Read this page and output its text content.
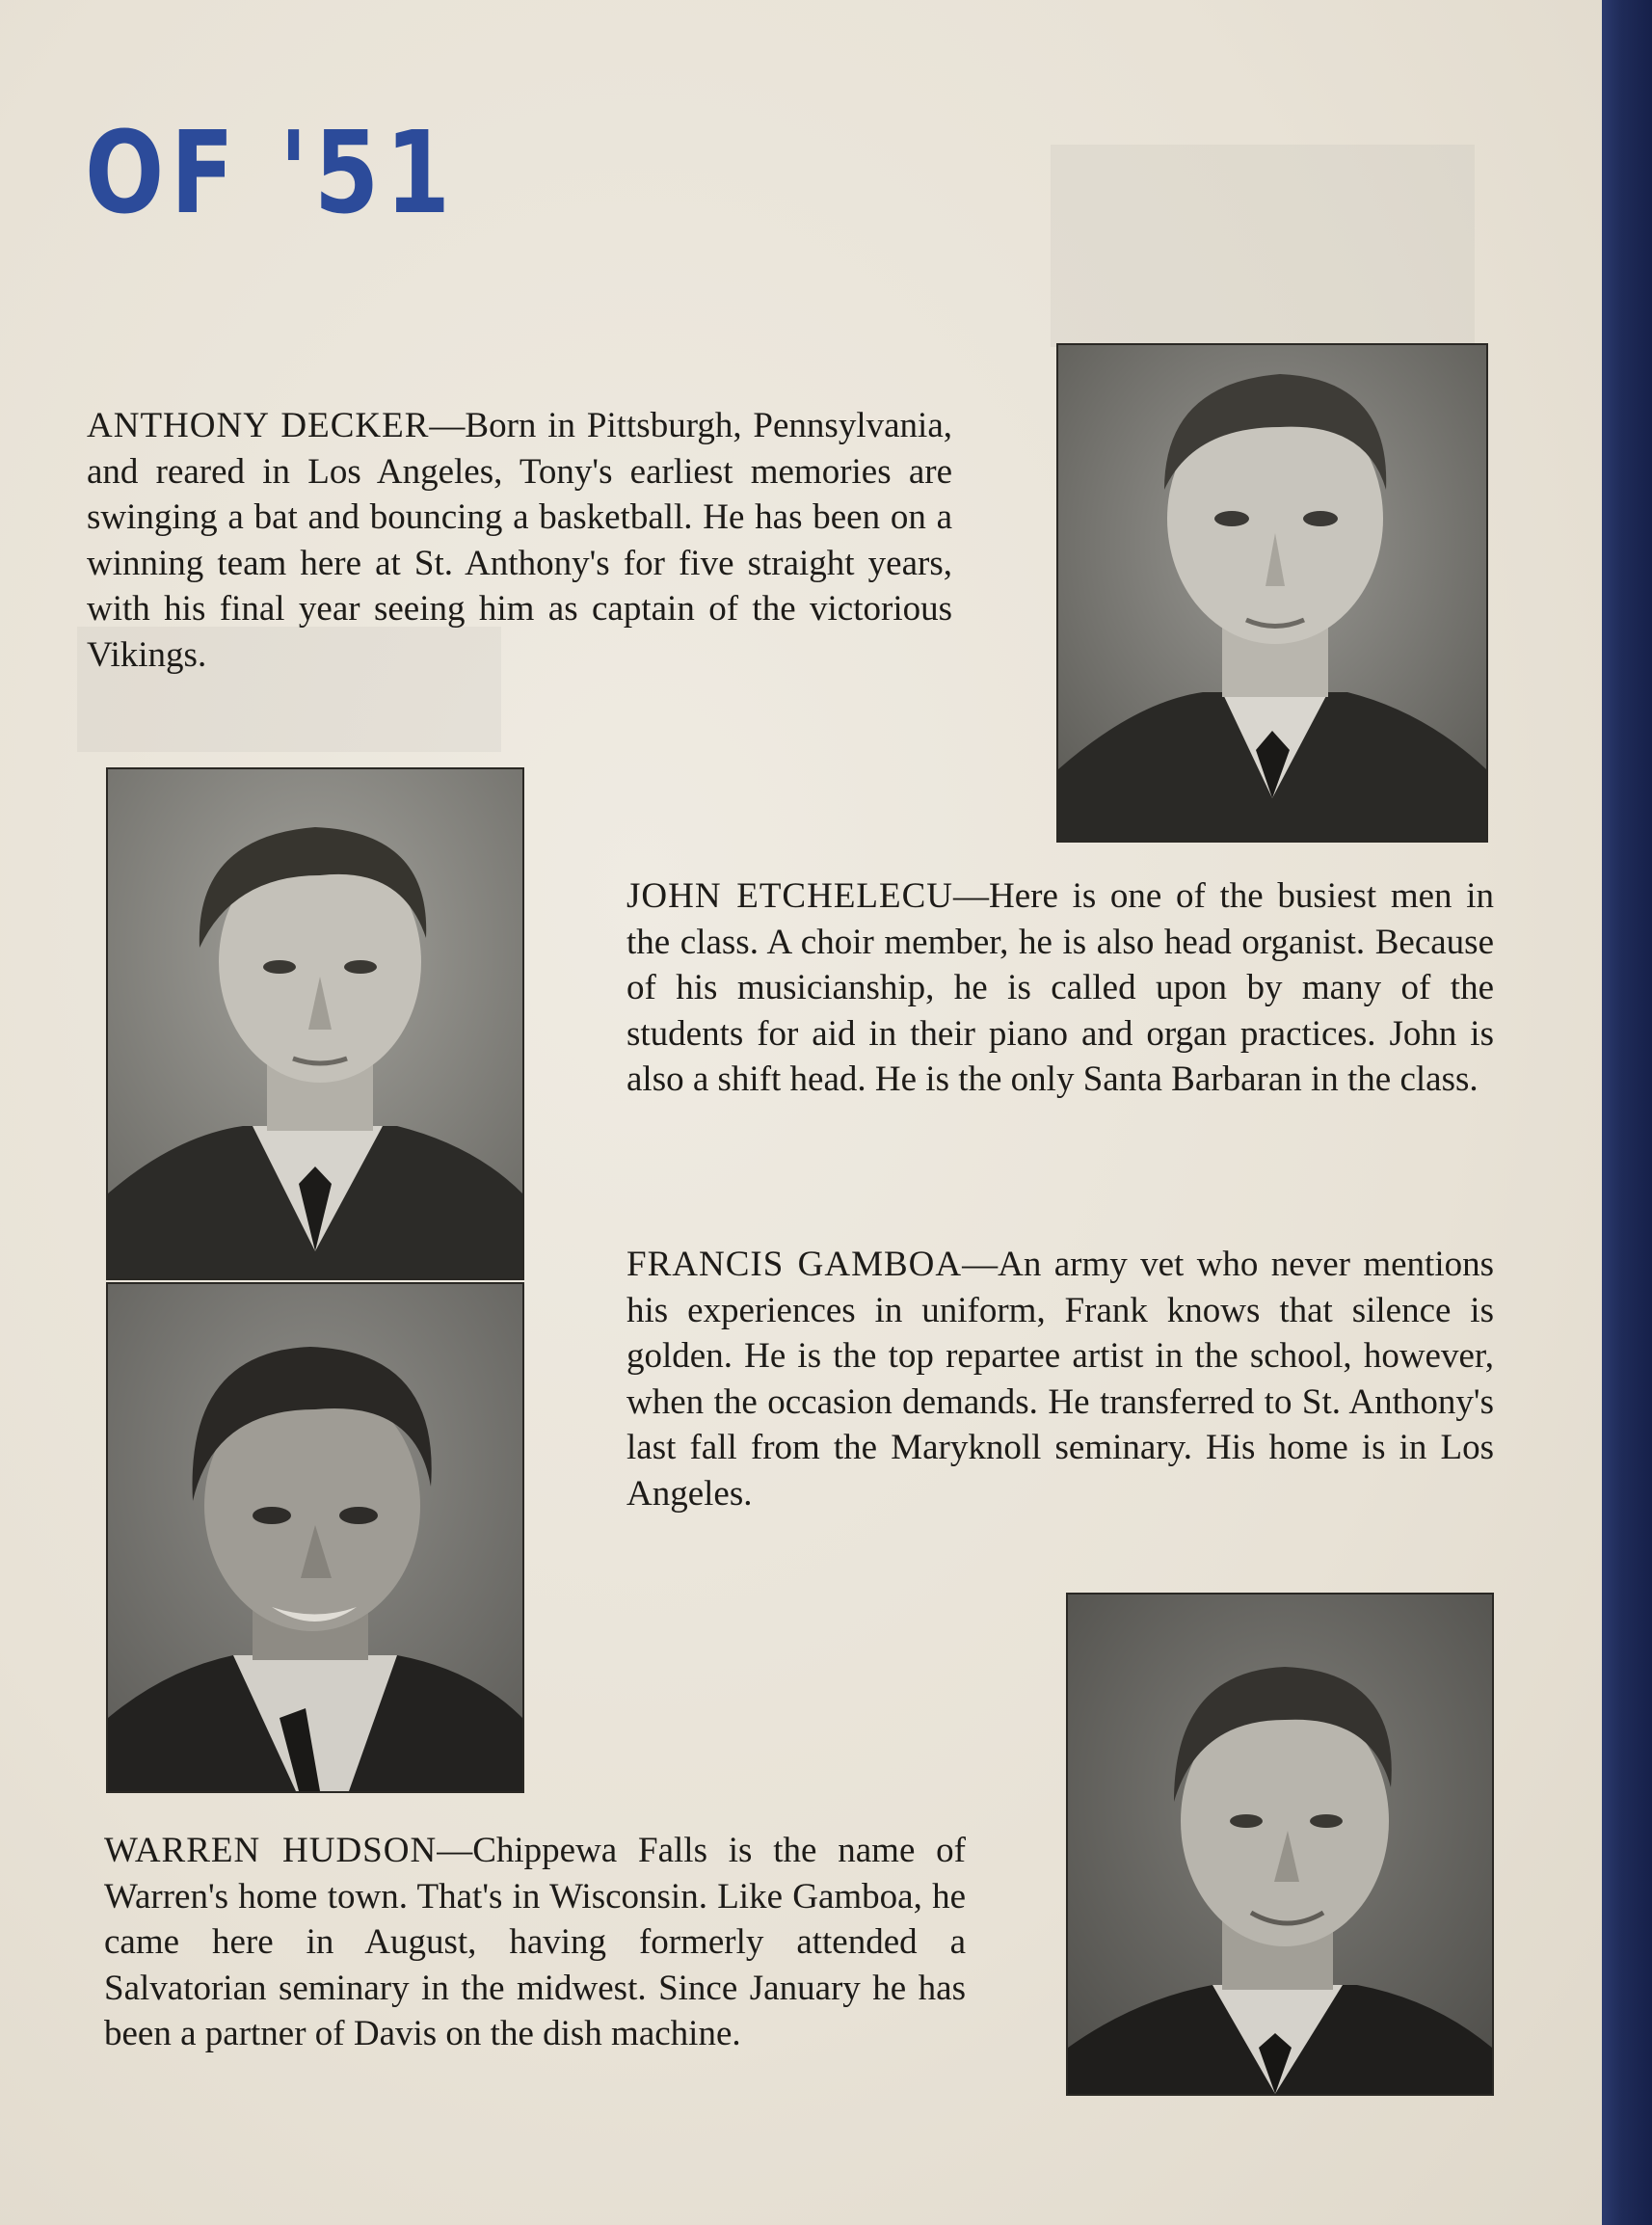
OF '51

ANTHONY DECKER—Born in Pittsburgh, Pennsylvania, and reared in Los Angeles, Tony's earliest memories are swinging a bat and bouncing a basketball. He has been on a winning team here at St. Anthony's for five straight years, with his final year seeing him as captain of the victorious Vikings.

JOHN ETCHELECU—Here is one of the busiest men in the class. A choir member, he is also head organist. Because of his musicianship, he is called upon by many of the students for aid in their piano and organ practices. John is also a shift head. He is the only Santa Barbaran in the class.

FRANCIS GAMBOA—An army vet who never mentions his experiences in uniform, Frank knows that silence is golden. He is the top repartee artist in the school, however, when the occasion demands. He transferred to St. Anthony's last fall from the Maryknoll seminary. His home is in Los Angeles.

WARREN HUDSON—Chippewa Falls is the name of Warren's home town. That's in Wisconsin. Like Gamboa, he came here in August, having formerly attended a Salvatorian seminary in the midwest. Since January he has been a partner of Davis on the dish machine.
